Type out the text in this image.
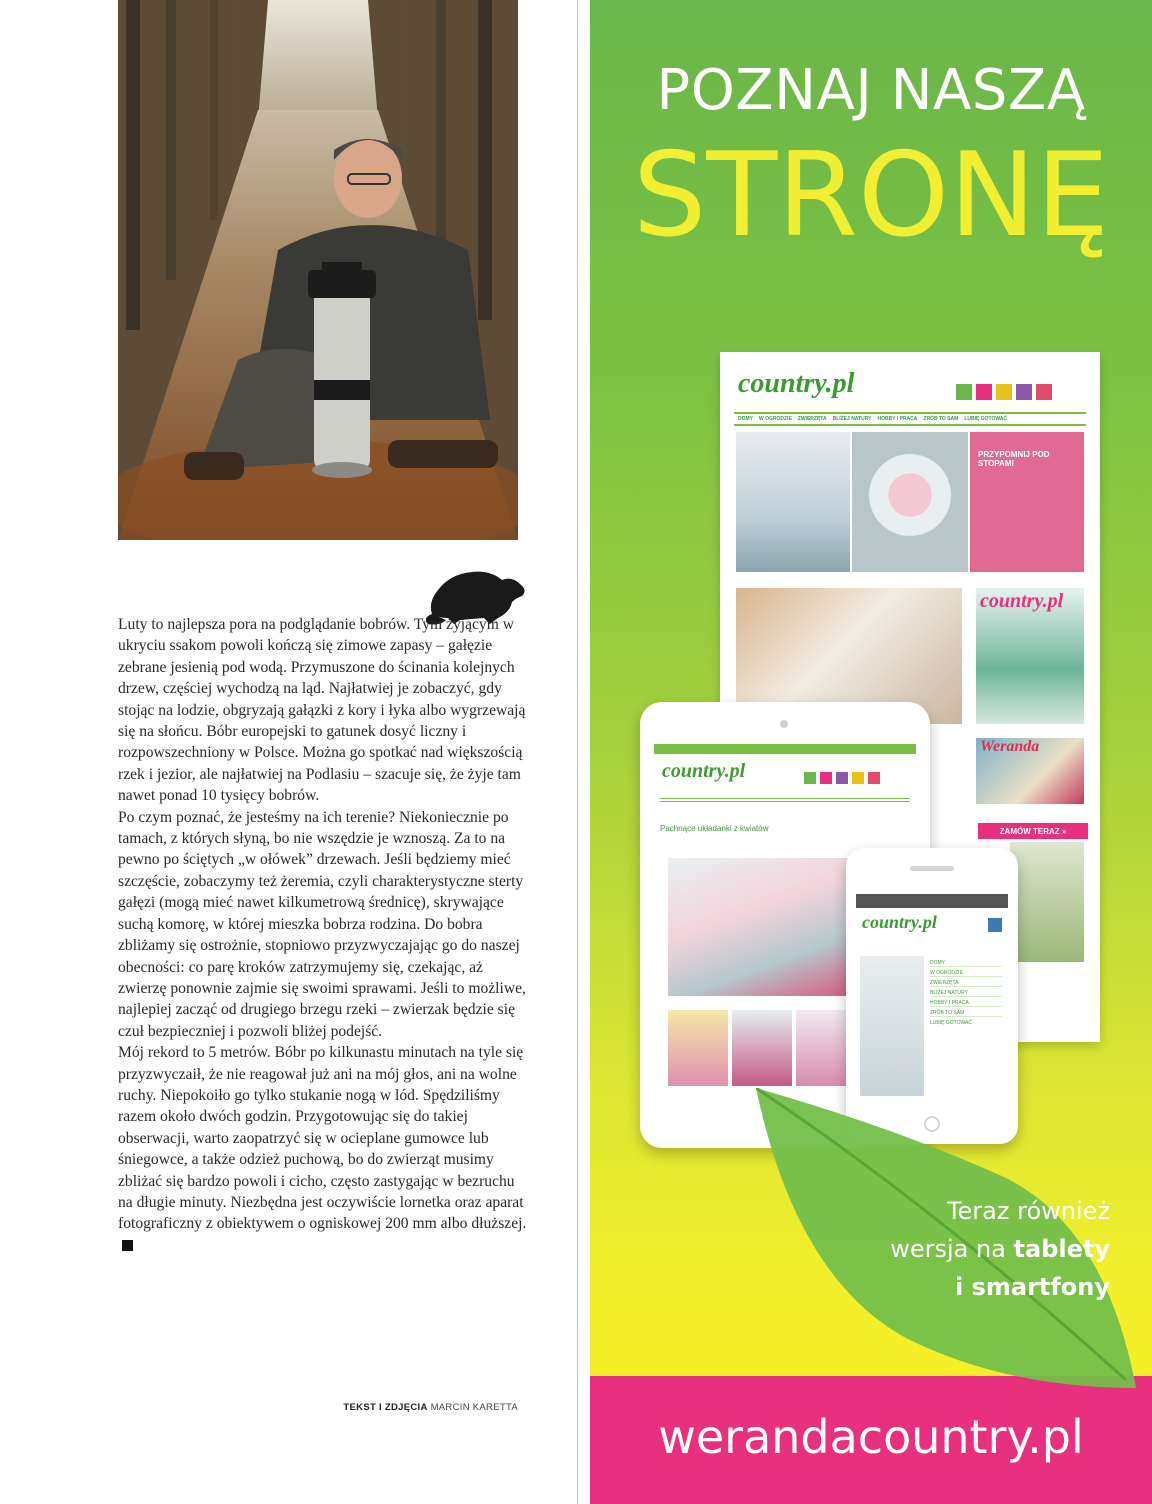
Luty to najlepsza pora na podglądanie bobrów. Tym żyjącym w ukryciu ssakom powoli kończą się zimowe zapasy – gałęzie zebrane jesienią pod wodą. Przymuszone do ścinania kolejnych drzew, częściej wychodzą na ląd. Najłatwiej je zobaczyć, gdy stojąc na lodzie, obgryzają gałązki z kory i łyka albo wygrzewają się na słońcu. Bóbr europejski to gatunek dosyć liczny i rozpowszechniony w Polsce. Można go spotkać nad większością rzek i jezior, ale najłatwiej na Podlasiu – szacuje się, że żyje tam nawet ponad 10 tysięcy bobrów.

Po czym poznać, że jesteśmy na ich terenie? Niekoniecznie po tamach, z których słyną, bo nie wszędzie je wznoszą. Za to na pewno po ściętych „w ołówek” drzewach. Jeśli będziemy mieć szczęście, zobaczymy też żeremia, czyli charakterystyczne sterty gałęzi (mogą mieć nawet kilkumetrową średnicę), skrywające suchą komorę, w której mieszka bobrza rodzina. Do bobra zbliżamy się ostrożnie, stopniowo przyzwyczajając go do naszej obecności: co parę kroków zatrzymujemy się, czekając, aż zwierzę ponownie zajmie się swoimi sprawami. Jeśli to możliwe, najlepiej zacząć od drugiego brzegu rzeki – zwierzak będzie się czuł bezpieczniej i pozwoli bliżej podejść.

Mój rekord to 5 metrów. Bóbr po kilkunastu minutach na tyle się przyzwyczaił, że nie reagował już ani na mój głos, ani na wolne ruchy. Niepokoiło go tylko stukanie nogą w lód. Spędziliśmy razem około dwóch godzin. Przygotowując się do takiej obserwacji, warto zaopatrzyć się w ocieplane gumowce lub śniegowce, a także odzież puchową, bo do zwierząt musimy zbliżać się bardzo powoli i cicho, często zastygając w bezruchu na długie minuty. Niezbędna jest oczywiście lornetka oraz aparat fotograficzny z obiektywem o ogniskowej 200 mm albo dłuższej.

TEKST I ZDJĘCIA MARCIN KARETTA
POZNAJ NASZĄ
STRONĘ
werandacountry.pl
country.pl
DOMY W OGRODZIE ZWIERZĘTA BLIŻEJ NATURY HOBBY I PRACA ZRÓB TO SAM LUBIĘ GOTOWAĆ
PRZYPOMNIJ POD STOPAMI
country.pl
Weranda
ZAMÓW TERAZ »
country.pl
Pachnące układanki z kwiatów
country.pl
DOMY
W OGRODZIE
ZWIERZĘTA
BLIŻEJ NATURY
HOBBY I PRACA
ZRÓB TO SAM
LUBIĘ GOTOWAĆ
Teraz również
wersja na tablety
i smartfony
